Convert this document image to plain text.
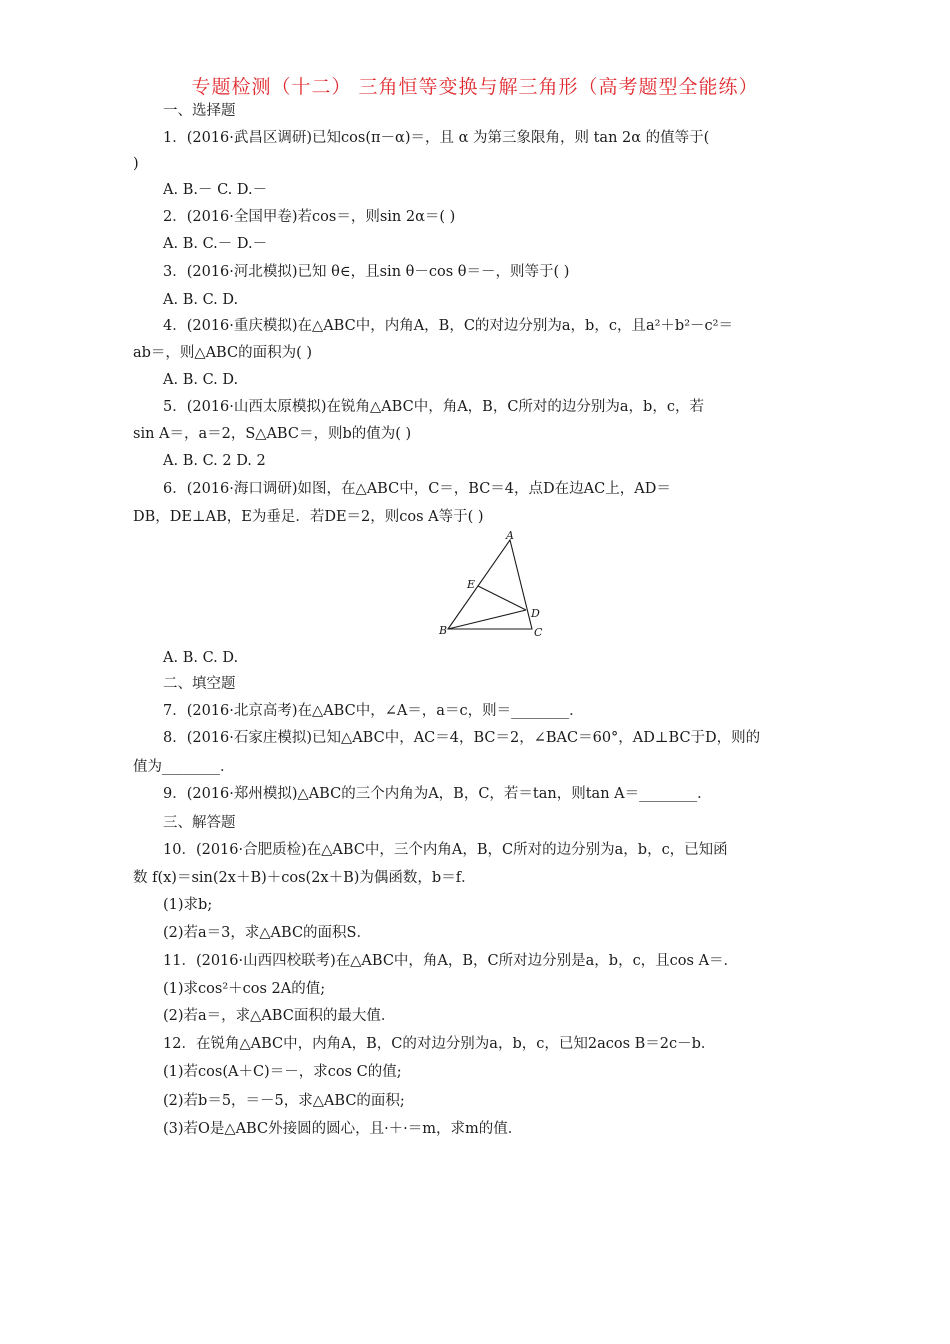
专题检测（十二） 三角恒等变换与解三角形（高考题型全能练）
一、选择题
1．(2016·武昌区调研)已知cos(π－α)＝，且 α 为第三象限角，则 tan 2α 的值等于(
)
A. B.－ C. D.－
2．(2016·全国甲卷)若cos＝，则sin 2α＝( )
A. B. C.－ D.－
3．(2016·河北模拟)已知 θ∈，且sin θ－cos θ＝－，则等于( )
A. B. C. D.
4．(2016·重庆模拟)在△ABC中，内角A，B，C的对边分别为a，b，c，且a²＋b²－c²＝
ab＝，则△ABC的面积为( )
A. B. C. D.
5．(2016·山西太原模拟)在锐角△ABC中，角A，B，C所对的边分别为a，b，c，若
sin A＝，a＝2，S△ABC＝，则b的值为( )
A. B. C. 2 D. 2
6．(2016·海口调研)如图，在△ABC中，C＝，BC＝4，点D在边AC上，AD＝
DB，DE⊥AB，E为垂足．若DE＝2，则cos A等于( )
A
B	C
D
E
A. B. C. D.
二、填空题
7．(2016·北京高考)在△ABC中，∠A＝，a＝c，则＝________．
8．(2016·石家庄模拟)已知△ABC中，AC＝4，BC＝2，∠BAC＝60°，AD⊥BC于D，则的
值为________．
9．(2016·郑州模拟)△ABC的三个内角为A，B，C，若＝tan，则tan A＝________．
三、解答题
10．(2016·合肥质检)在△ABC中，三个内角A，B，C所对的边分别为a，b，c，已知函
数 f(x)＝sin(2x＋B)＋cos(2x＋B)为偶函数，b＝f．
(1)求b;
(2)若a＝3，求△ABC的面积S．
11．(2016·山西四校联考)在△ABC中，角A，B，C所对边分别是a，b，c，且cos A＝．
(1)求cos²＋cos 2A的值;
(2)若a＝，求△ABC面积的最大值．
12．在锐角△ABC中，内角A，B，C的对边分别为a，b，c，已知2acos B＝2c－b．
(1)若cos(A＋C)＝－，求cos C的值;
(2)若b＝5，＝－5，求△ABC的面积;
(3)若O是△ABC外接圆的圆心，且·＋·＝m，求m的值．
